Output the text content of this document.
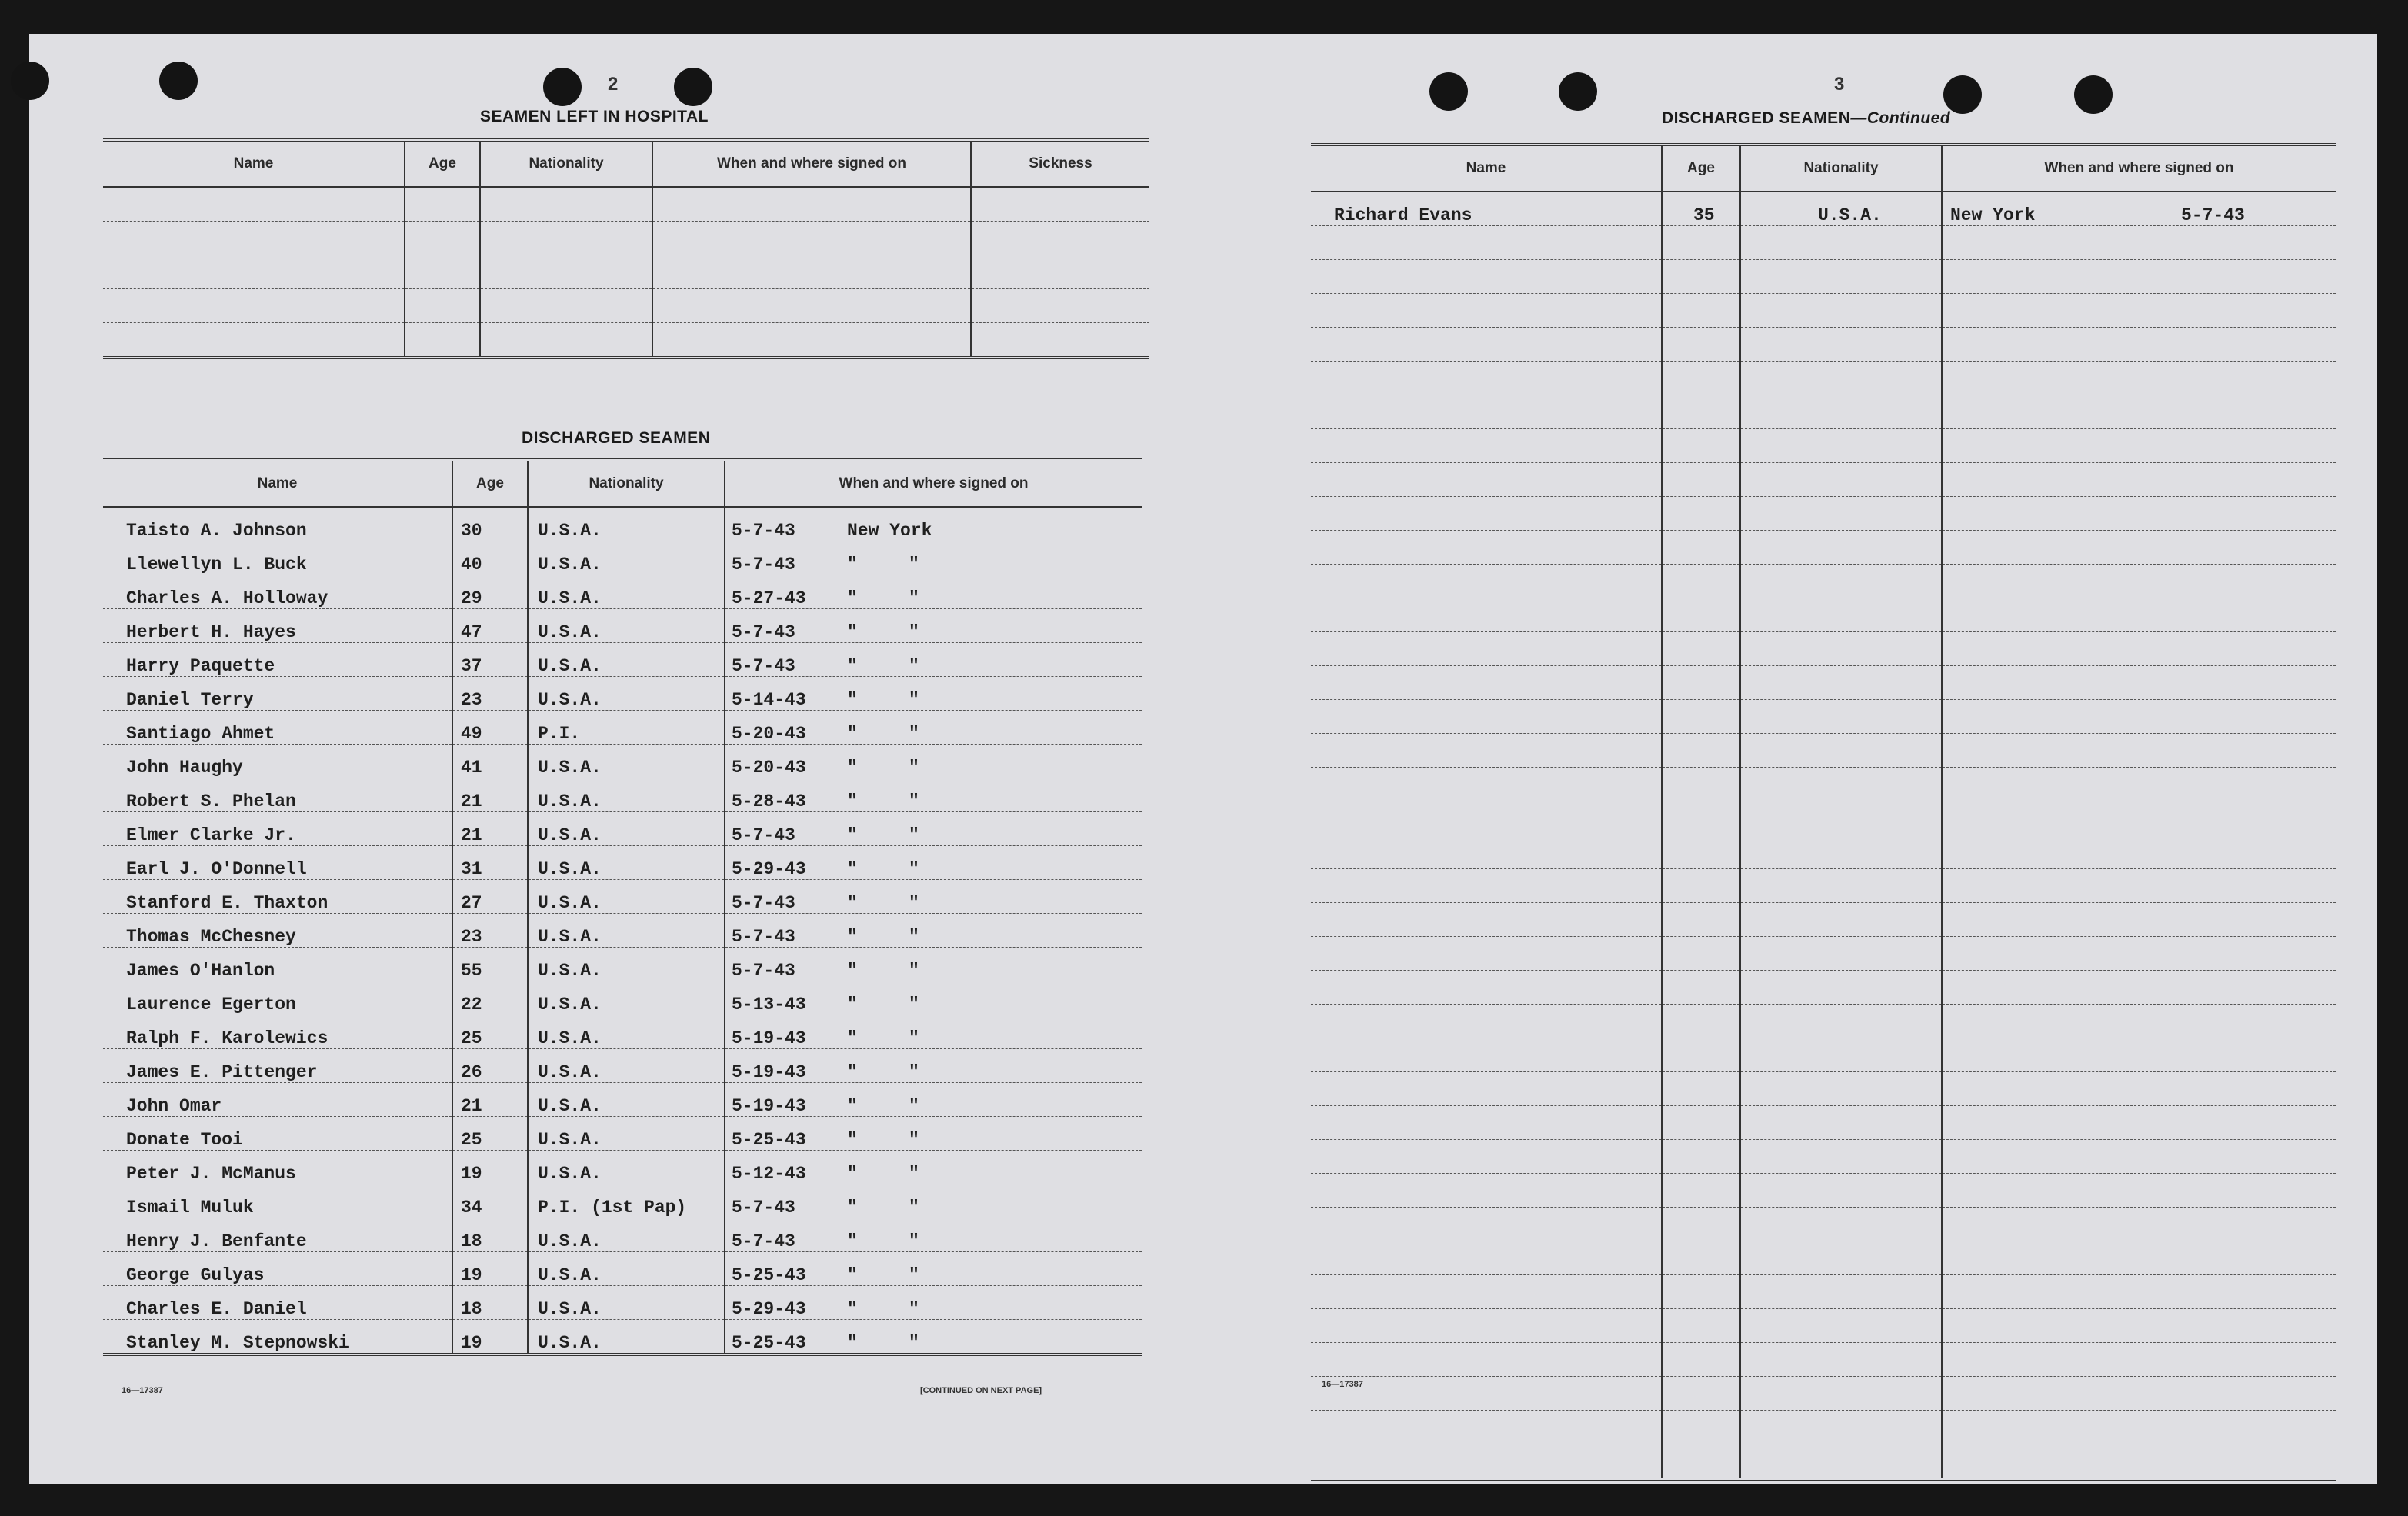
2
SEAMEN LEFT IN HOSPITAL
Name	Age	Nationality	When and where signed on	Sickness

DISCHARGED SEAMEN
Name	Age	Nationality	When and where signed on
Taisto A. Johnson	30	U.S.A.	5-7-43 New York
Llewellyn L. Buck	40	U.S.A.	5-7-43 " "
Charles A. Holloway	29	U.S.A.	5-27-43 " "
Herbert H. Hayes	47	U.S.A.	5-7-43 " "
Harry Paquette	37	U.S.A.	5-7-43 " "
Daniel Terry	23	U.S.A.	5-14-43 " "
Santiago Ahmet	49	P.I.	5-20-43 " "
John Haughy	41	U.S.A.	5-20-43 " "
Robert S. Phelan	21	U.S.A.	5-28-43 " "
Elmer Clarke Jr.	21	U.S.A.	5-7-43 " "
Earl J. O'Donnell	31	U.S.A.	5-29-43 " "
Stanford E. Thaxton	27	U.S.A.	5-7-43 " "
Thomas McChesney	23	U.S.A.	5-7-43 " "
James O'Hanlon	55	U.S.A.	5-7-43 " "
Laurence Egerton	22	U.S.A.	5-13-43 " "
Ralph F. Karolewics	25	U.S.A.	5-19-43 " "
James E. Pittenger	26	U.S.A.	5-19-43 " "
John Omar	21	U.S.A.	5-19-43 " "
Donate Tooi	25	U.S.A.	5-25-43 " "
Peter J. McManus	19	U.S.A.	5-12-43 " "
Ismail Muluk	34	P.I. (1st Pap)	5-7-43 " "
Henry J. Benfante	18	U.S.A.	5-7-43 " "
George Gulyas	19	U.S.A.	5-25-43 " "
Charles E. Daniel	18	U.S.A.	5-29-43 " "
Stanley M. Stepnowski	19	U.S.A.	5-25-43 " "
16—17387	[CONTINUED ON NEXT PAGE]
3
DISCHARGED SEAMEN—Continued
Name	Age	Nationality	When and where signed on
Richard Evans	35	U.S.A.	New York 5-7-43

16—17387
